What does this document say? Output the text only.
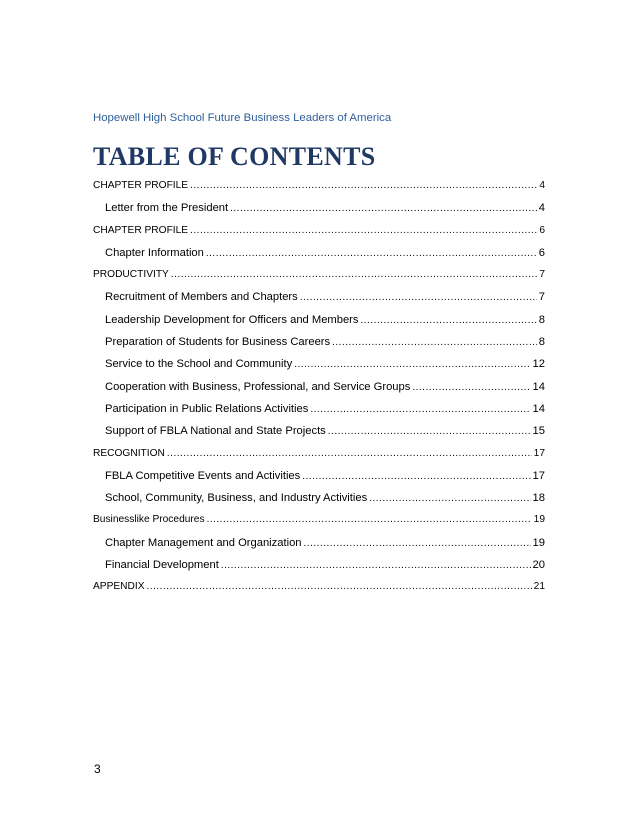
Hopewell High School Future Business Leaders of America
TABLE OF CONTENTS
CHAPTER PROFILE .....	4
Letter from the President .....	4
CHAPTER PROFILE .....	6
Chapter Information .....	6
PRODUCTIVITY .....	7
Recruitment of Members and Chapters .....	7
Leadership Development for Officers and Members .....	8
Preparation of Students for Business Careers .....	8
Service to the School and Community .....	12
Cooperation with Business, Professional, and Service Groups .....	14
Participation in Public Relations Activities .....	14
Support of FBLA National and State Projects .....	15
RECOGNITION .....	17
FBLA Competitive Events and Activities .....	17
School, Community, Business, and Industry Activities .....	18
Businesslike Procedures .....	19
Chapter Management and Organization .....	19
Financial Development .....	20
APPENDIX .....	21
3
